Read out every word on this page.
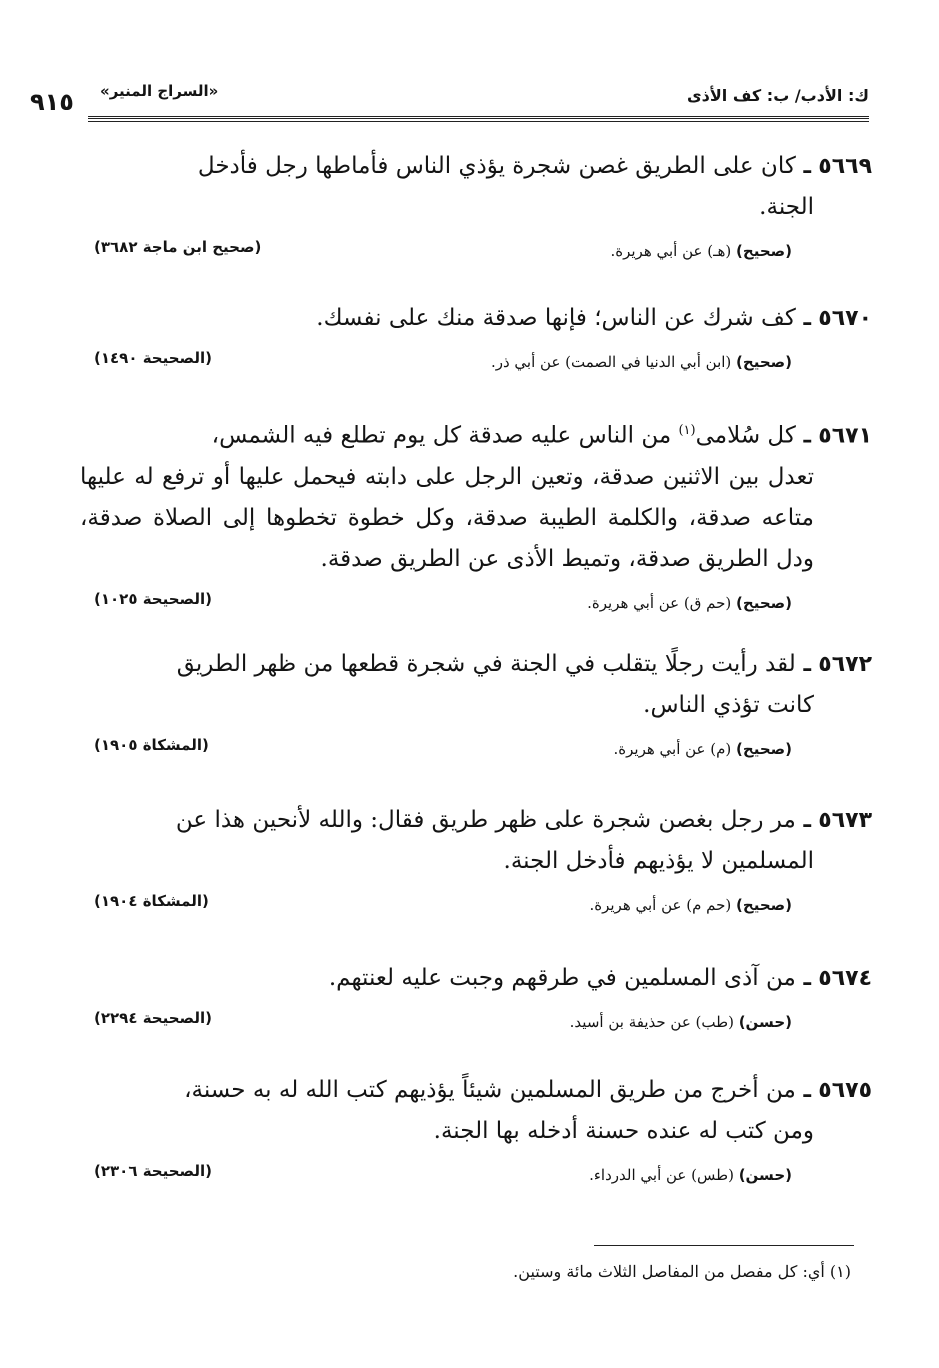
٩١٥ «السراج المنير»	ك: الأدب/ ب: كف الأذى
٥٦٦٩ ـ كان على الطريق غصن شجرة يؤذي الناس فأماطها رجل فأدخل
الجنة.
(صحيح) (هـ) عن أبي هريرة.
(صحيح ابن ماجة ٣٦٨٢)
٥٦٧٠ ـ كف شرك عن الناس؛ فإنها صدقة منك على نفسك.
(صحيح) (ابن أبي الدنيا في الصمت) عن أبي ذر.
(الصحيحة ١٤٩٠)
٥٦٧١ ـ كل سُلامى$^{(١)}$ من الناس عليه صدقة كل يوم تطلع فيه الشمس،
تعدل بين الاثنين صدقة، وتعين الرجل على دابته فيحمل عليها أو ترفع له عليها متاعه صدقة، والكلمة الطيبة صدقة، وكل خطوة تخطوها إلى الصلاة صدقة، ودل الطريق صدقة، وتميط الأذى عن الطريق صدقة.
(صحيح) (حم ق) عن أبي هريرة.
(الصحيحة ١٠٢٥)
٥٦٧٢ ـ لقد رأيت رجلًا يتقلب في الجنة في شجرة قطعها من ظهر الطريق
كانت تؤذي الناس.
(صحيح) (م) عن أبي هريرة.
(المشكاة ١٩٠٥)
٥٦٧٣ ـ مر رجل بغصن شجرة على ظهر طريق فقال: والله لأنحين هذا عن
المسلمين لا يؤذيهم فأدخل الجنة.
(صحيح) (حم م) عن أبي هريرة.
(المشكاة ١٩٠٤)
٥٦٧٤ ـ من آذى المسلمين في طرقهم وجبت عليه لعنتهم.
(حسن) (طب) عن حذيفة بن أسيد.
(الصحيحة ٢٢٩٤)
٥٦٧٥ ـ من أخرج من طريق المسلمين شيئاً يؤذيهم كتب الله له به حسنة،
ومن كتب له عنده حسنة أدخله بها الجنة.
(حسن) (طس) عن أبي الدرداء.
(الصحيحة ٢٣٠٦)
(١) أي: كل مفصل من المفاصل الثلاث مائة وستين.
